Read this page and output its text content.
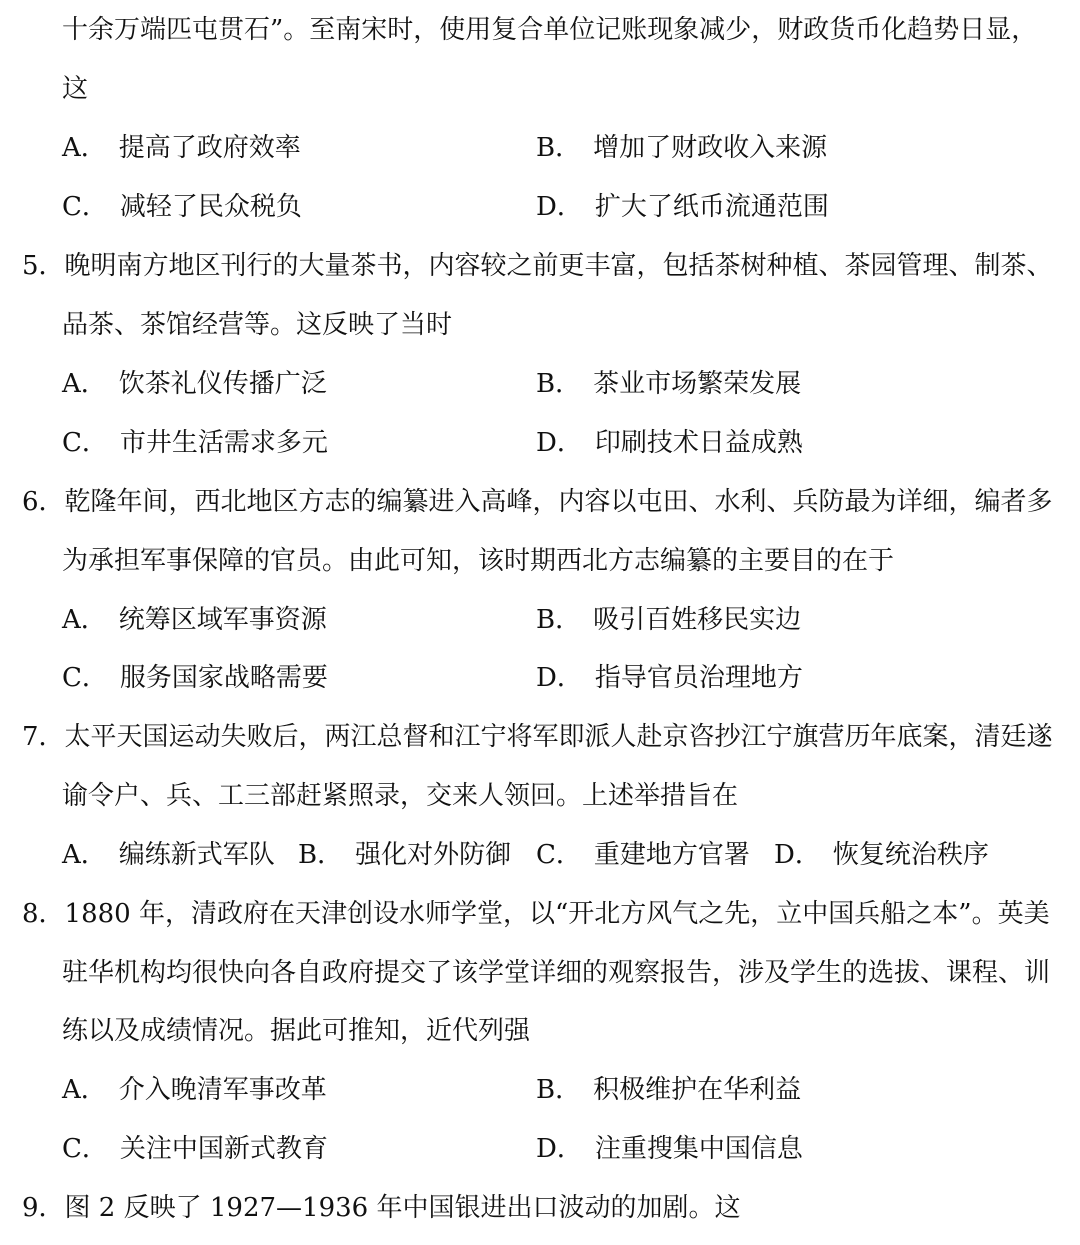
十余万端匹屯贯石”。至南宋时，使用复合单位记账现象减少，财政货币化趋势日显，
这
A． 提高了政府效率	B． 增加了财政收入来源
C． 减轻了民众税负	D． 扩大了纸币流通范围
5．晚明南方地区刊行的大量茶书，内容较之前更丰富，包括茶树种植、茶园管理、制茶、
品茶、茶馆经营等。这反映了当时
A． 饮茶礼仪传播广泛	B． 茶业市场繁荣发展
C． 市井生活需求多元	D． 印刷技术日益成熟
6．乾隆年间，西北地区方志的编纂进入高峰，内容以屯田、水利、兵防最为详细，编者多
为承担军事保障的官员。由此可知，该时期西北方志编纂的主要目的在于
A． 统筹区域军事资源	B． 吸引百姓移民实边
C． 服务国家战略需要	D． 指导官员治理地方
7．太平天国运动失败后，两江总督和江宁将军即派人赴京咨抄江宁旗营历年底案，清廷遂
谕令户、兵、工三部赶紧照录，交来人领回。上述举措旨在
A． 编练新式军队 B． 强化对外防御 C． 重建地方官署 D． 恢复统治秩序
8．1880 年，清政府在天津创设水师学堂，以“开北方风气之先，立中国兵船之本”。英美
驻华机构均很快向各自政府提交了该学堂详细的观察报告，涉及学生的选拔、课程、训
练以及成绩情况。据此可推知，近代列强
A． 介入晚清军事改革	B． 积极维护在华利益
C． 关注中国新式教育	D． 注重搜集中国信息
9．图 2 反映了 1927—1936 年中国银进出口波动的加剧。这
